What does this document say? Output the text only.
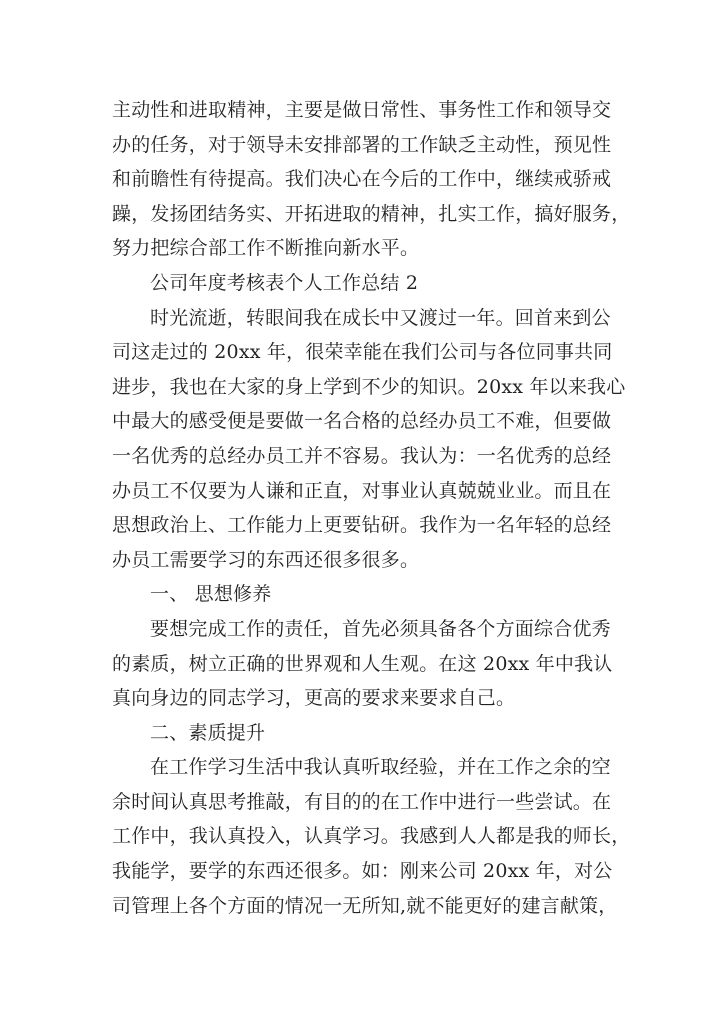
主动性和进取精神，主要是做日常性、事务性工作和领导交
办的任务，对于领导未安排部署的工作缺乏主动性，预见性
和前瞻性有待提高。我们决心在今后的工作中，继续戒骄戒
躁，发扬团结务实、开拓进取的精神，扎实工作，搞好服务，
努力把综合部工作不断推向新水平。
公司年度考核表个人工作总结 2
时光流逝，转眼间我在成长中又渡过一年。回首来到公
司这走过的 20xx 年，很荣幸能在我们公司与各位同事共同
进步，我也在大家的身上学到不少的知识。20xx 年以来我心
中最大的感受便是要做一名合格的总经办员工不难，但要做
一名优秀的总经办员工并不容易。我认为：一名优秀的总经
办员工不仅要为人谦和正直，对事业认真兢兢业业。而且在
思想政治上、工作能力上更要钻研。我作为一名年轻的总经
办员工需要学习的东西还很多很多。
一、 思想修养
要想完成工作的责任，首先必须具备各个方面综合优秀
的素质，树立正确的世界观和人生观。在这 20xx 年中我认
真向身边的同志学习，更高的要求来要求自己。
二、素质提升
在工作学习生活中我认真听取经验，并在工作之余的空
余时间认真思考推敲，有目的的在工作中进行一些尝试。在
工作中，我认真投入，认真学习。我感到人人都是我的师长，
我能学，要学的东西还很多。如：刚来公司 20xx 年，对公
司管理上各个方面的情况一无所知,就不能更好的建言献策，
